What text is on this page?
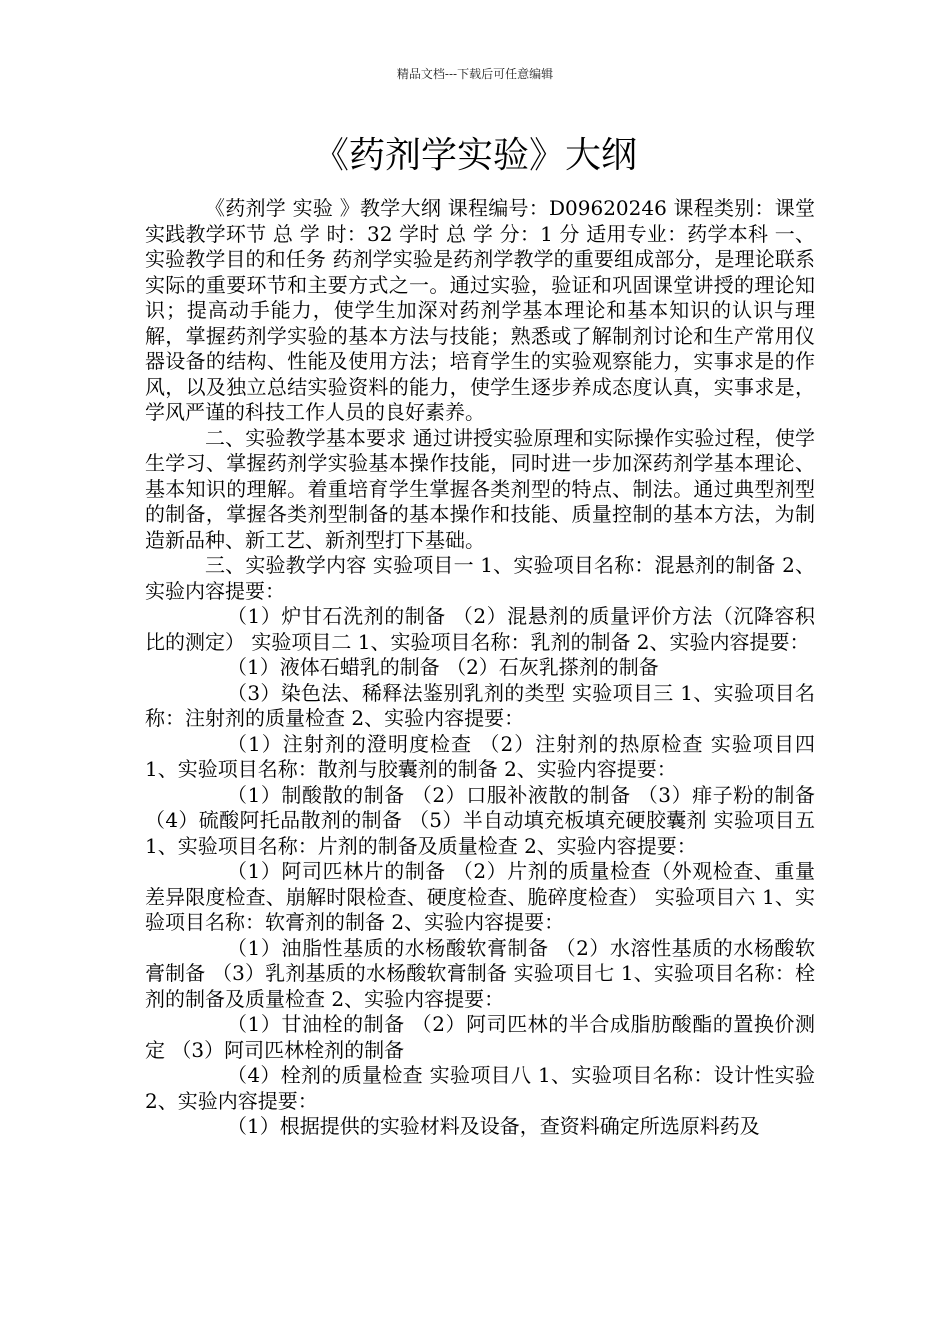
精品文档---下载后可任意编辑
《药剂学实验》大纲

《药剂学 实验 》教学大纲 课程编号：D09620246 课程类别：课堂实践教学环节 总 学 时：32 学时 总 学 分：1 分 适用专业：药学本科 一、实验教学目的和任务 药剂学实验是药剂学教学的重要组成部分，是理论联系实际的重要环节和主要方式之一。通过实验，验证和巩固课堂讲授的理论知识；提高动手能力，使学生加深对药剂学基本理论和基本知识的认识与理解，掌握药剂学实验的基本方法与技能；熟悉或了解制剂讨论和生产常用仪器设备的结构、性能及使用方法；培育学生的实验观察能力，实事求是的作风，以及独立总结实验资料的能力，使学生逐步养成态度认真，实事求是，学风严谨的科技工作人员的良好素养。

二、实验教学基本要求 通过讲授实验原理和实际操作实验过程，使学生学习、掌握药剂学实验基本操作技能，同时进一步加深药剂学基本理论、基本知识的理解。着重培育学生掌握各类剂型的特点、制法。通过典型剂型的制备，掌握各类剂型制备的基本操作和技能、质量控制的基本方法，为制造新品种、新工艺、新剂型打下基础。

三、实验教学内容 实验项目一 1、实验项目名称：混悬剂的制备 2、实验内容提要：

（1）炉甘石洗剂的制备 （2）混悬剂的质量评价方法（沉降容积比的测定） 实验项目二 1、实验项目名称：乳剂的制备 2、实验内容提要：

（1）液体石蜡乳的制备 （2）石灰乳搽剂的制备

（3）染色法、稀释法鉴别乳剂的类型 实验项目三 1、实验项目名称：注射剂的质量检查 2、实验内容提要：

（1）注射剂的澄明度检查 （2）注射剂的热原检查 实验项目四 1、实验项目名称：散剂与胶囊剂的制备 2、实验内容提要：

（1）制酸散的制备 （2）口服补液散的制备 （3）痱子粉的制备 （4）硫酸阿托品散剂的制备 （5）半自动填充板填充硬胶囊剂 实验项目五 1、实验项目名称：片剂的制备及质量检查 2、实验内容提要：

（1）阿司匹林片的制备 （2）片剂的质量检查（外观检查、重量差异限度检查、崩解时限检查、硬度检查、脆碎度检查） 实验项目六 1、实验项目名称：软膏剂的制备 2、实验内容提要：

（1）油脂性基质的水杨酸软膏制备 （2）水溶性基质的水杨酸软膏制备 （3）乳剂基质的水杨酸软膏制备 实验项目七 1、实验项目名称：栓剂的制备及质量检查 2、实验内容提要：

（1）甘油栓的制备 （2）阿司匹林的半合成脂肪酸酯的置换价测定 （3）阿司匹林栓剂的制备

（4）栓剂的质量检查 实验项目八 1、实验项目名称：设计性实验 2、实验内容提要：

（1）根据提供的实验材料及设备，查资料确定所选原料药及
